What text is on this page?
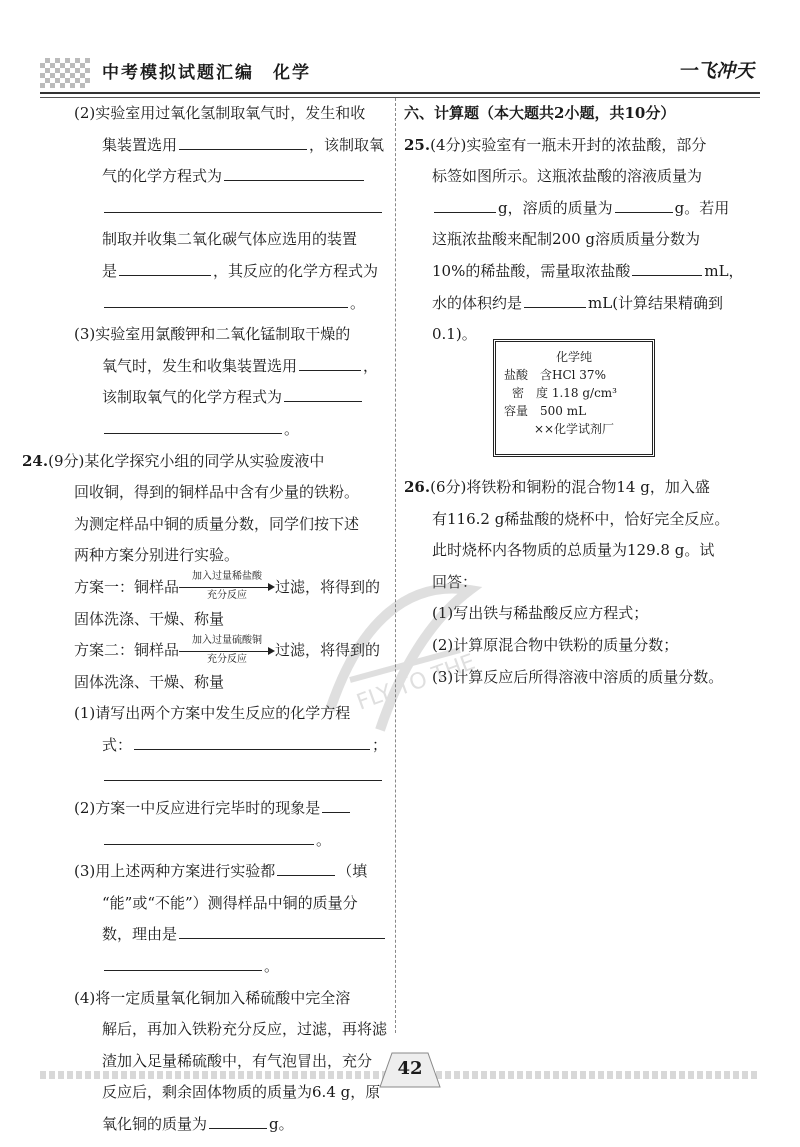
中考模拟试题汇编　化学	一飞冲天
(2)实验室用过氧化氢制取氧气时，发生和收
集装置选用	，该制取氧
气的化学方程式为
制取并收集二氧化碳气体应选用的装置
是	，其反应的化学方程式为
。
(3)实验室用氯酸钾和二氧化锰制取干燥的
氧气时，发生和收集装置选用	，
该制取氧气的化学方程式为
。
24.(9分)某化学探究小组的同学从实验废液中
回收铜，得到的铜样品中含有少量的铁粉。
为测定样品中铜的质量分数，同学们按下述
两种方案分别进行实验。
方案一：铜样品
加入过量稀盐酸
充分反应	过滤，将得到的
固体洗涤、干燥、称量
方案二：铜样品
加入过量硫酸铜
充分反应	过滤，将得到的
固体洗涤、干燥、称量
(1)请写出两个方案中发生反应的化学方程
式：	；
(2)方案一中反应进行完毕时的现象是
。
(3)用上述两种方案进行实验都	（填
“能”或“不能”）测得样品中铜的质量分
数，理由是
。
(4)将一定质量氧化铜加入稀硫酸中完全溶
解后，再加入铁粉充分反应，过滤，再将滤
渣加入足量稀硫酸中，有气泡冒出，充分
反应后，剩余固体物质的质量为6.4 g，原
氧化铜的质量为	g。
六、计算题（本大题共2小题，共10分）
25.(4分)实验室有一瓶未开封的浓盐酸，部分
标签如图所示。这瓶浓盐酸的溶液质量为
g，溶质的质量为	g。若用
这瓶浓盐酸来配制200 g溶质质量分数为
10%的稀盐酸，需量取浓盐酸	mL，
水的体积约是	mL(计算结果精确到
0.1)。
化学纯
盐酸　含HCl 37%
密　度 1.18 g/cm³
容量　500 mL
××化学试剂厂
26.(6分)将铁粉和铜粉的混合物14 g，加入盛
有116.2 g稀盐酸的烧杯中，恰好完全反应。
此时烧杯内各物质的总质量为129.8 g。试
回答：
(1)写出铁与稀盐酸反应方程式；
(2)计算原混合物中铁粉的质量分数；
(3)计算反应后所得溶液中溶质的质量分数。
FLY TO THE
42
